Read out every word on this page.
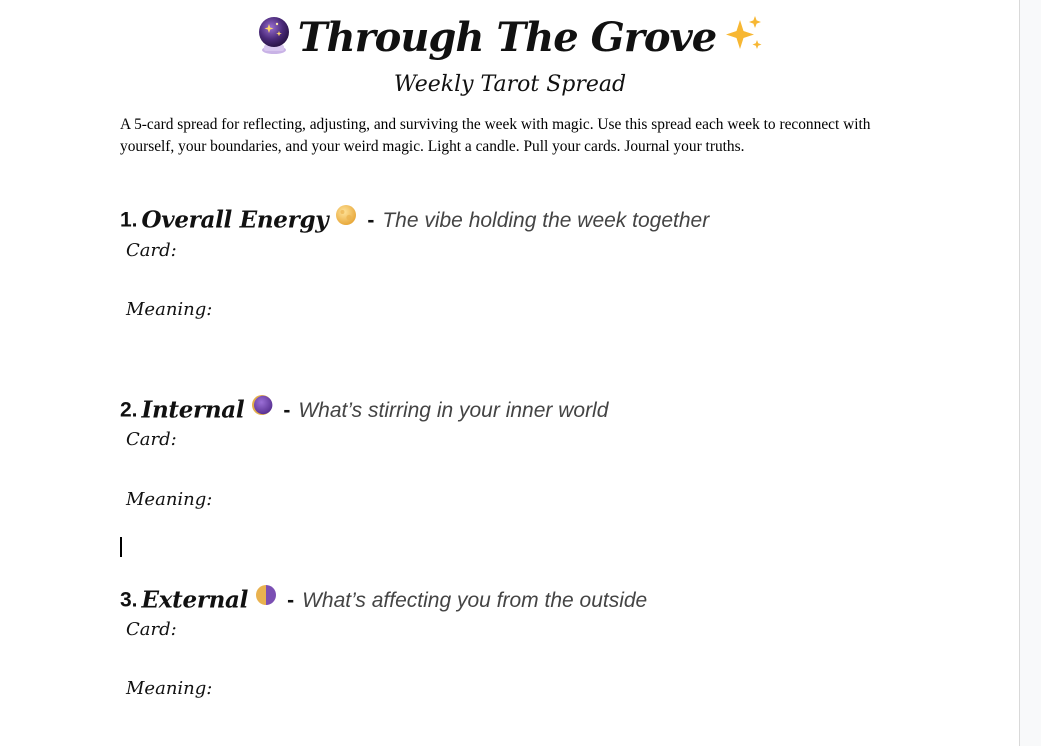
Through The Grove
Weekly Tarot Spread
A 5-card spread for reflecting, adjusting, and surviving the week with magic. Use this spread each week to reconnect with yourself, your boundaries, and your weird magic. Light a candle. Pull your cards. Journal your truths.
1. Overall Energy - The vibe holding the week together
Card:
Meaning:
2. Internal - What’s stirring in your inner world
Card:
Meaning:
3. External - What’s affecting you from the outside
Card:
Meaning:
